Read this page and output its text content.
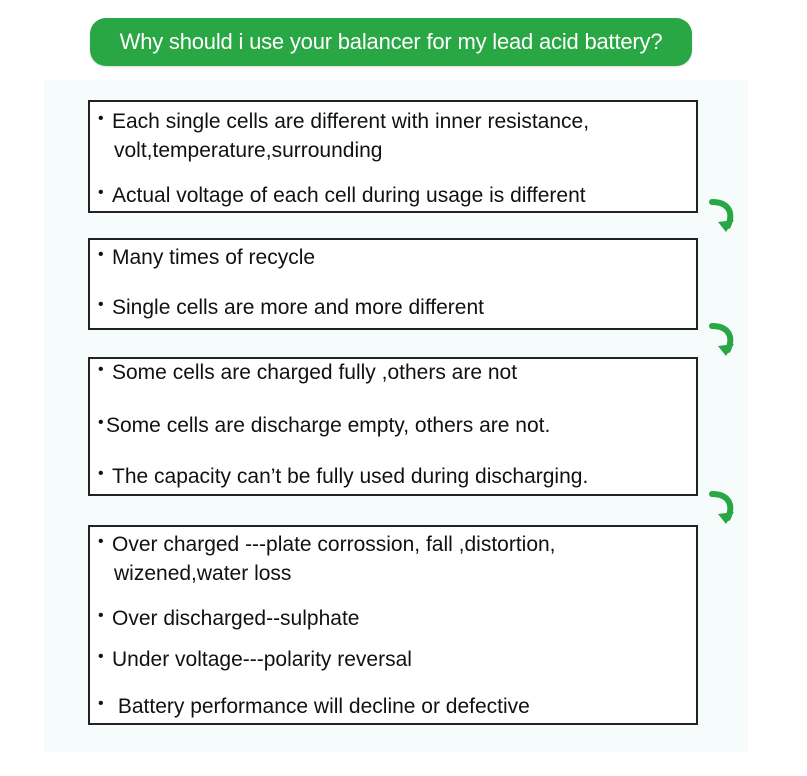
Why should i use your balancer for my lead acid battery?
• Each single cells are different with inner resistance,
volt,temperature,surrounding
• Actual voltage of each cell during usage is different
• Many times of recycle
• Single cells are more and more different
• Some cells are charged fully ,others are not
• Some cells are discharge empty, others are not.
• The capacity can’t be fully used during discharging.
• Over charged ---plate corrossion, fall ,distortion,
wizened,water loss
• Over discharged--sulphate
• Under voltage---polarity reversal
• Battery performance will decline or defective
